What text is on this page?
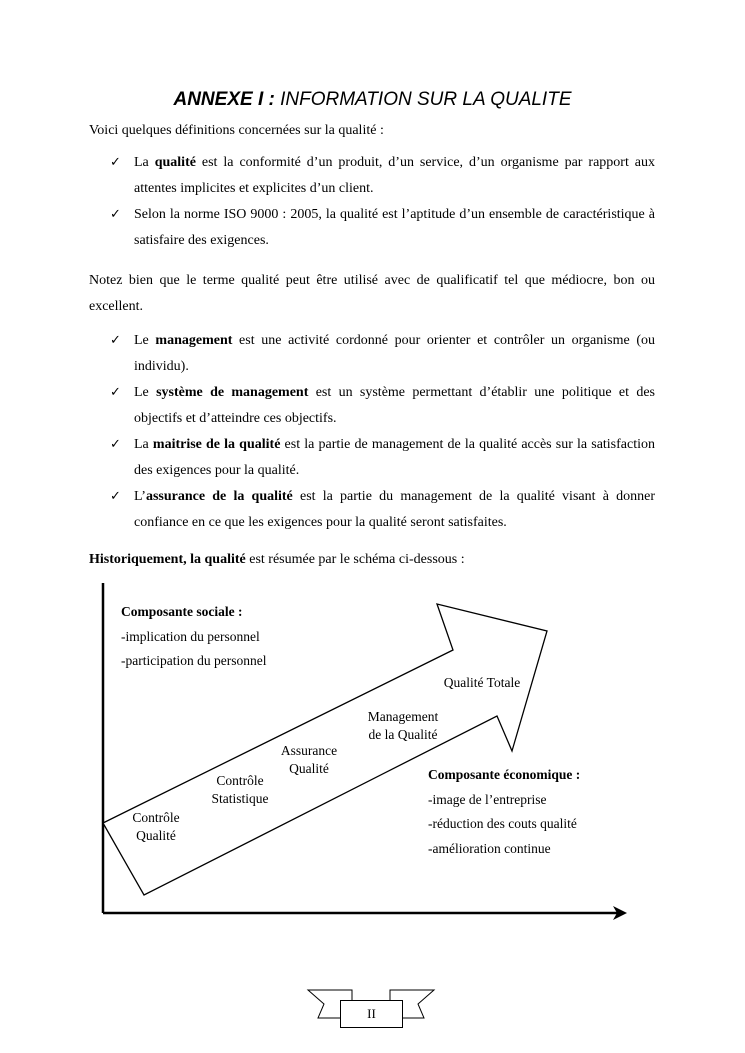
ANNEXE I : INFORMATION SUR LA QUALITE
Voici quelques définitions concernées sur la qualité :
✓ La qualité est la conformité d’un produit, d’un service, d’un organisme par rapport aux attentes implicites et explicites d’un client.
✓ Selon la norme ISO 9000 : 2005, la qualité est l’aptitude d’un ensemble de caractéristique à satisfaire des exigences.
Notez bien que le terme qualité peut être utilisé avec de qualificatif tel que médiocre, bon ou excellent.
✓ Le management est une activité cordonné pour orienter et contrôler un organisme (ou individu).
✓ Le système de management est un système permettant d’établir une politique et des objectifs et d’atteindre ces objectifs.
✓ La maitrise de la qualité est la partie de management de la qualité accès sur la satisfaction des exigences pour la qualité.
✓ L’assurance de la qualité est la partie du management de la qualité visant à donner confiance en ce que les exigences pour la qualité seront satisfaites.
Historiquement, la qualité est résumée par le schéma ci-dessous :
Composante sociale :
-implication du personnel
-participation du personnel
Contrôle
Qualité
Contrôle
Statistique
Assurance
Qualité
Management
de la Qualité
Qualité Totale
Composante économique :
-image de l’entreprise
-réduction des couts qualité
-amélioration continue
II
